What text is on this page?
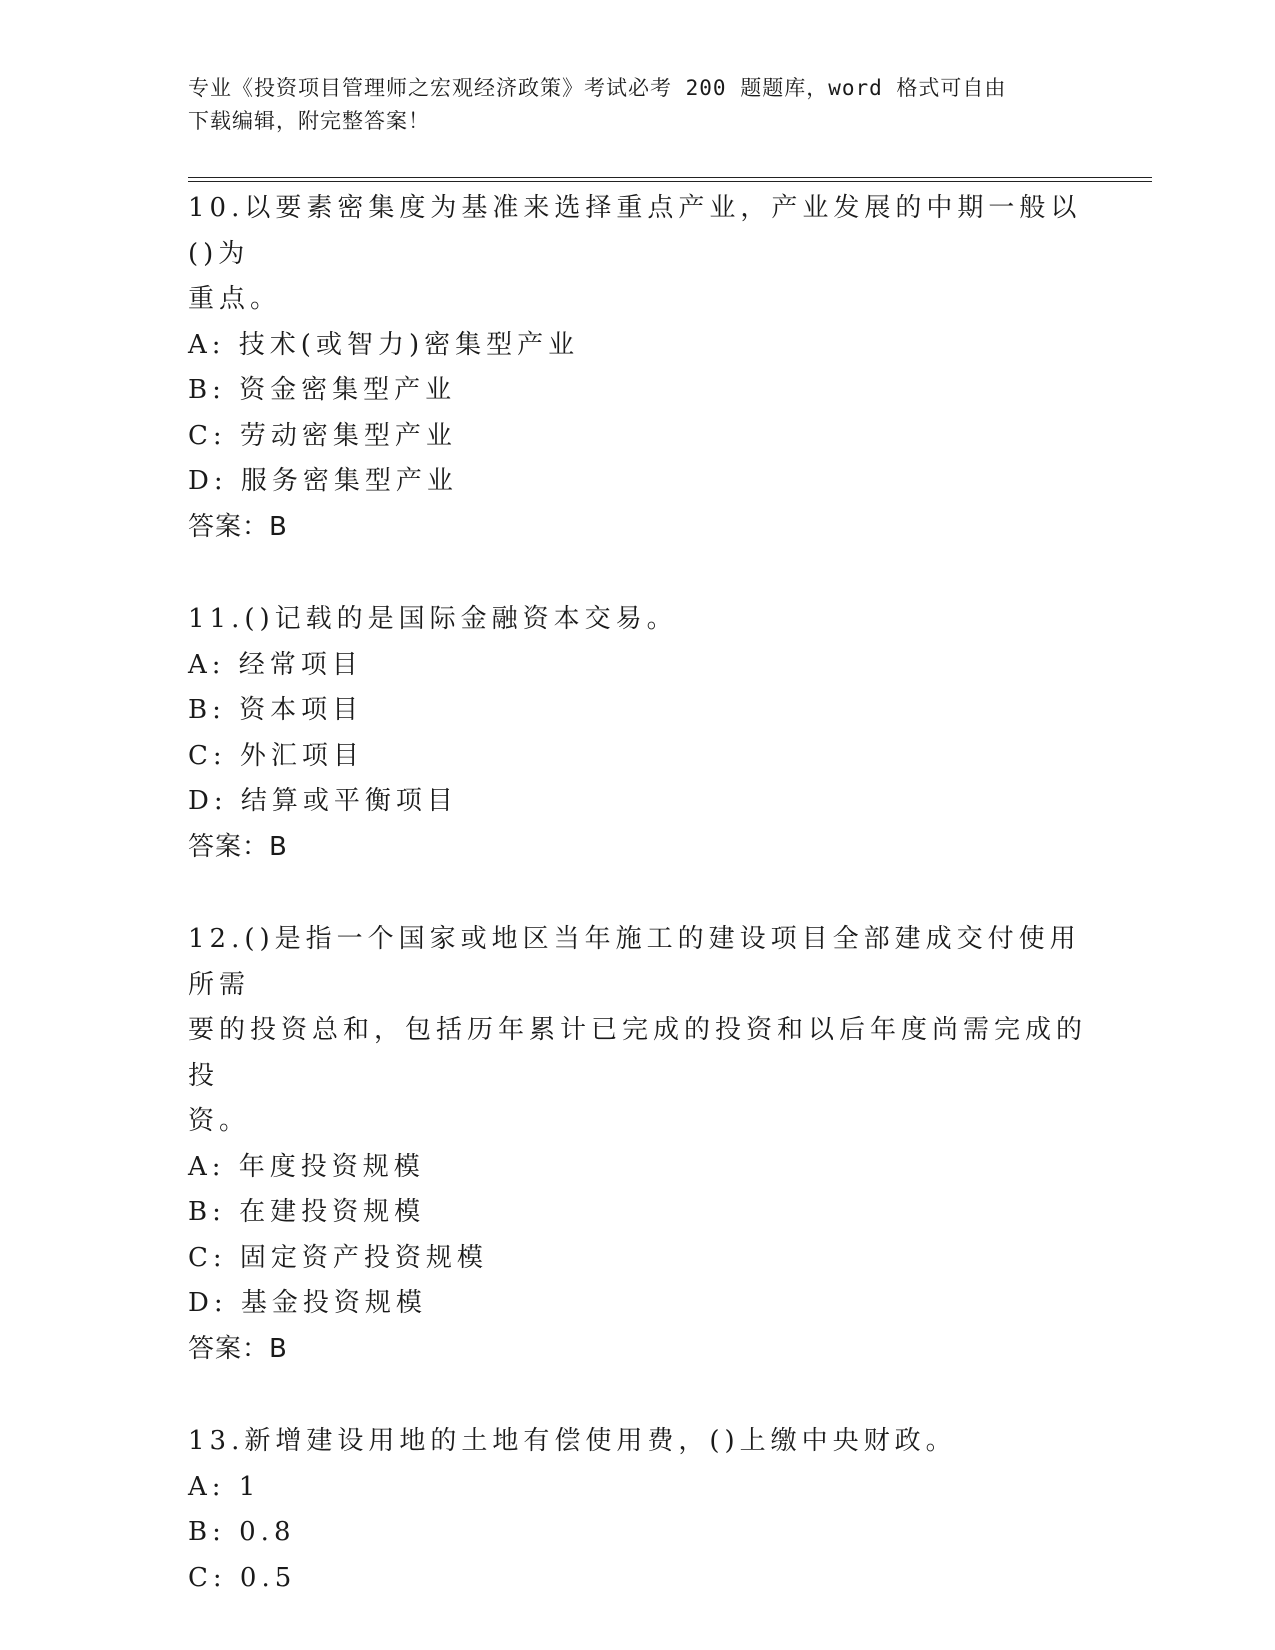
专业《投资项目管理师之宏观经济政策》考试必考 200 题题库，word 格式可自由
下载编辑，附完整答案！
10.以要素密集度为基准来选择重点产业，产业发展的中期一般以()为
重点。
A: 技术(或智力)密集型产业
B: 资金密集型产业
C: 劳动密集型产业
D: 服务密集型产业
答案：B
11.()记载的是国际金融资本交易。
A: 经常项目
B: 资本项目
C: 外汇项目
D: 结算或平衡项目
答案：B
12.()是指一个国家或地区当年施工的建设项目全部建成交付使用所需
要的投资总和，包括历年累计已完成的投资和以后年度尚需完成的投
资。
A: 年度投资规模
B: 在建投资规模
C: 固定资产投资规模
D: 基金投资规模
答案：B
13.新增建设用地的土地有偿使用费，()上缴中央财政。
A: 1
B: 0.8
C: 0.5
